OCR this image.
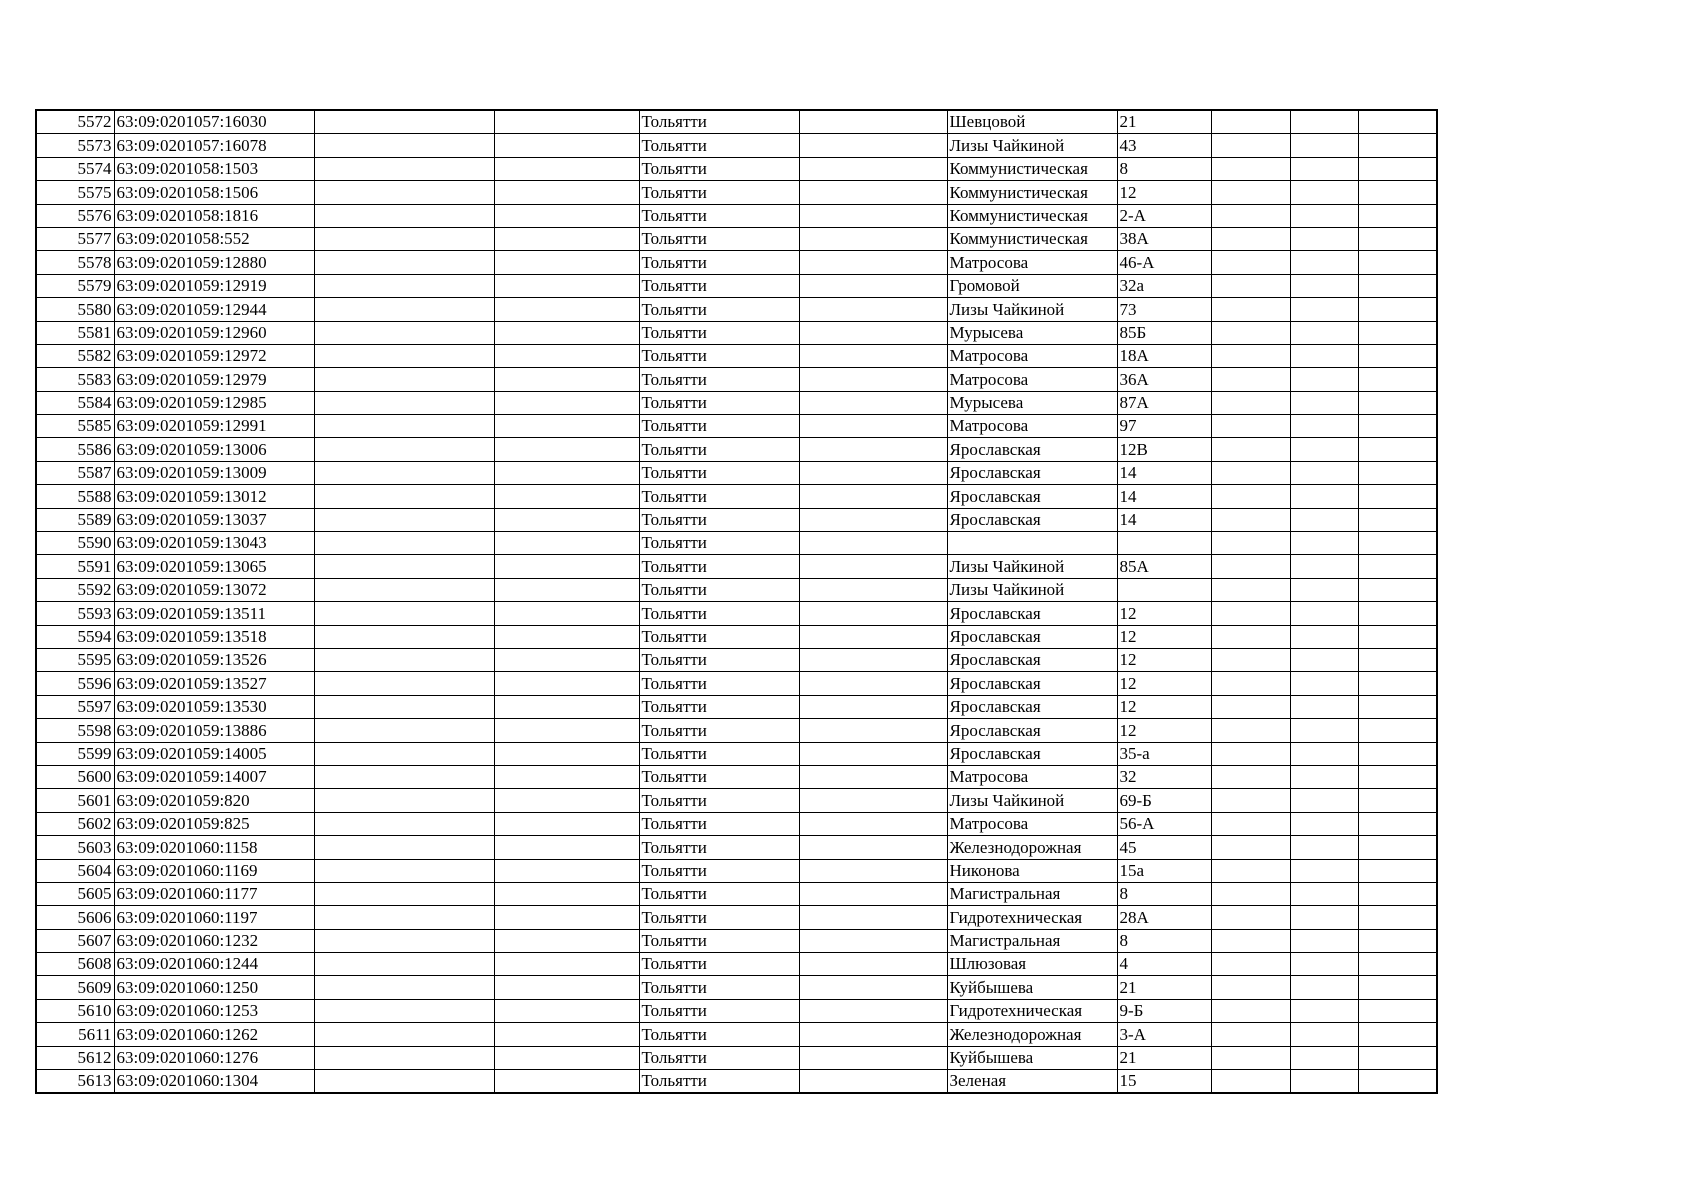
5572	63:09:0201057:16030			Тольятти		Шевцовой	21			
5573	63:09:0201057:16078			Тольятти		Лизы Чайкиной	43			
5574	63:09:0201058:1503			Тольятти		Коммунистическая	8			
5575	63:09:0201058:1506			Тольятти		Коммунистическая	12			
5576	63:09:0201058:1816			Тольятти		Коммунистическая	2-А			
5577	63:09:0201058:552			Тольятти		Коммунистическая	38А			
5578	63:09:0201059:12880			Тольятти		Матросова	46-А			
5579	63:09:0201059:12919			Тольятти		Громовой	32а			
5580	63:09:0201059:12944			Тольятти		Лизы Чайкиной	73			
5581	63:09:0201059:12960			Тольятти		Мурысева	85Б			
5582	63:09:0201059:12972			Тольятти		Матросова	18А			
5583	63:09:0201059:12979			Тольятти		Матросова	36А			
5584	63:09:0201059:12985			Тольятти		Мурысева	87А			
5585	63:09:0201059:12991			Тольятти		Матросова	97			
5586	63:09:0201059:13006			Тольятти		Ярославская	12В			
5587	63:09:0201059:13009			Тольятти		Ярославская	14			
5588	63:09:0201059:13012			Тольятти		Ярославская	14			
5589	63:09:0201059:13037			Тольятти		Ярославская	14			
5590	63:09:0201059:13043			Тольятти						
5591	63:09:0201059:13065			Тольятти		Лизы Чайкиной	85А			
5592	63:09:0201059:13072			Тольятти		Лизы Чайкиной				
5593	63:09:0201059:13511			Тольятти		Ярославская	12			
5594	63:09:0201059:13518			Тольятти		Ярославская	12			
5595	63:09:0201059:13526			Тольятти		Ярославская	12			
5596	63:09:0201059:13527			Тольятти		Ярославская	12			
5597	63:09:0201059:13530			Тольятти		Ярославская	12			
5598	63:09:0201059:13886			Тольятти		Ярославская	12			
5599	63:09:0201059:14005			Тольятти		Ярославская	35-а			
5600	63:09:0201059:14007			Тольятти		Матросова	32			
5601	63:09:0201059:820			Тольятти		Лизы Чайкиной	69-Б			
5602	63:09:0201059:825			Тольятти		Матросова	56-А			
5603	63:09:0201060:1158			Тольятти		Железнодорожная	45			
5604	63:09:0201060:1169			Тольятти		Никонова	15а			
5605	63:09:0201060:1177			Тольятти		Магистральная	8			
5606	63:09:0201060:1197			Тольятти		Гидротехническая	28А			
5607	63:09:0201060:1232			Тольятти		Магистральная	8			
5608	63:09:0201060:1244			Тольятти		Шлюзовая	4			
5609	63:09:0201060:1250			Тольятти		Куйбышева	21			
5610	63:09:0201060:1253			Тольятти		Гидротехническая	9-Б			
5611	63:09:0201060:1262			Тольятти		Железнодорожная	3-А			
5612	63:09:0201060:1276			Тольятти		Куйбышева	21			
5613	63:09:0201060:1304			Тольятти		Зеленая	15			
